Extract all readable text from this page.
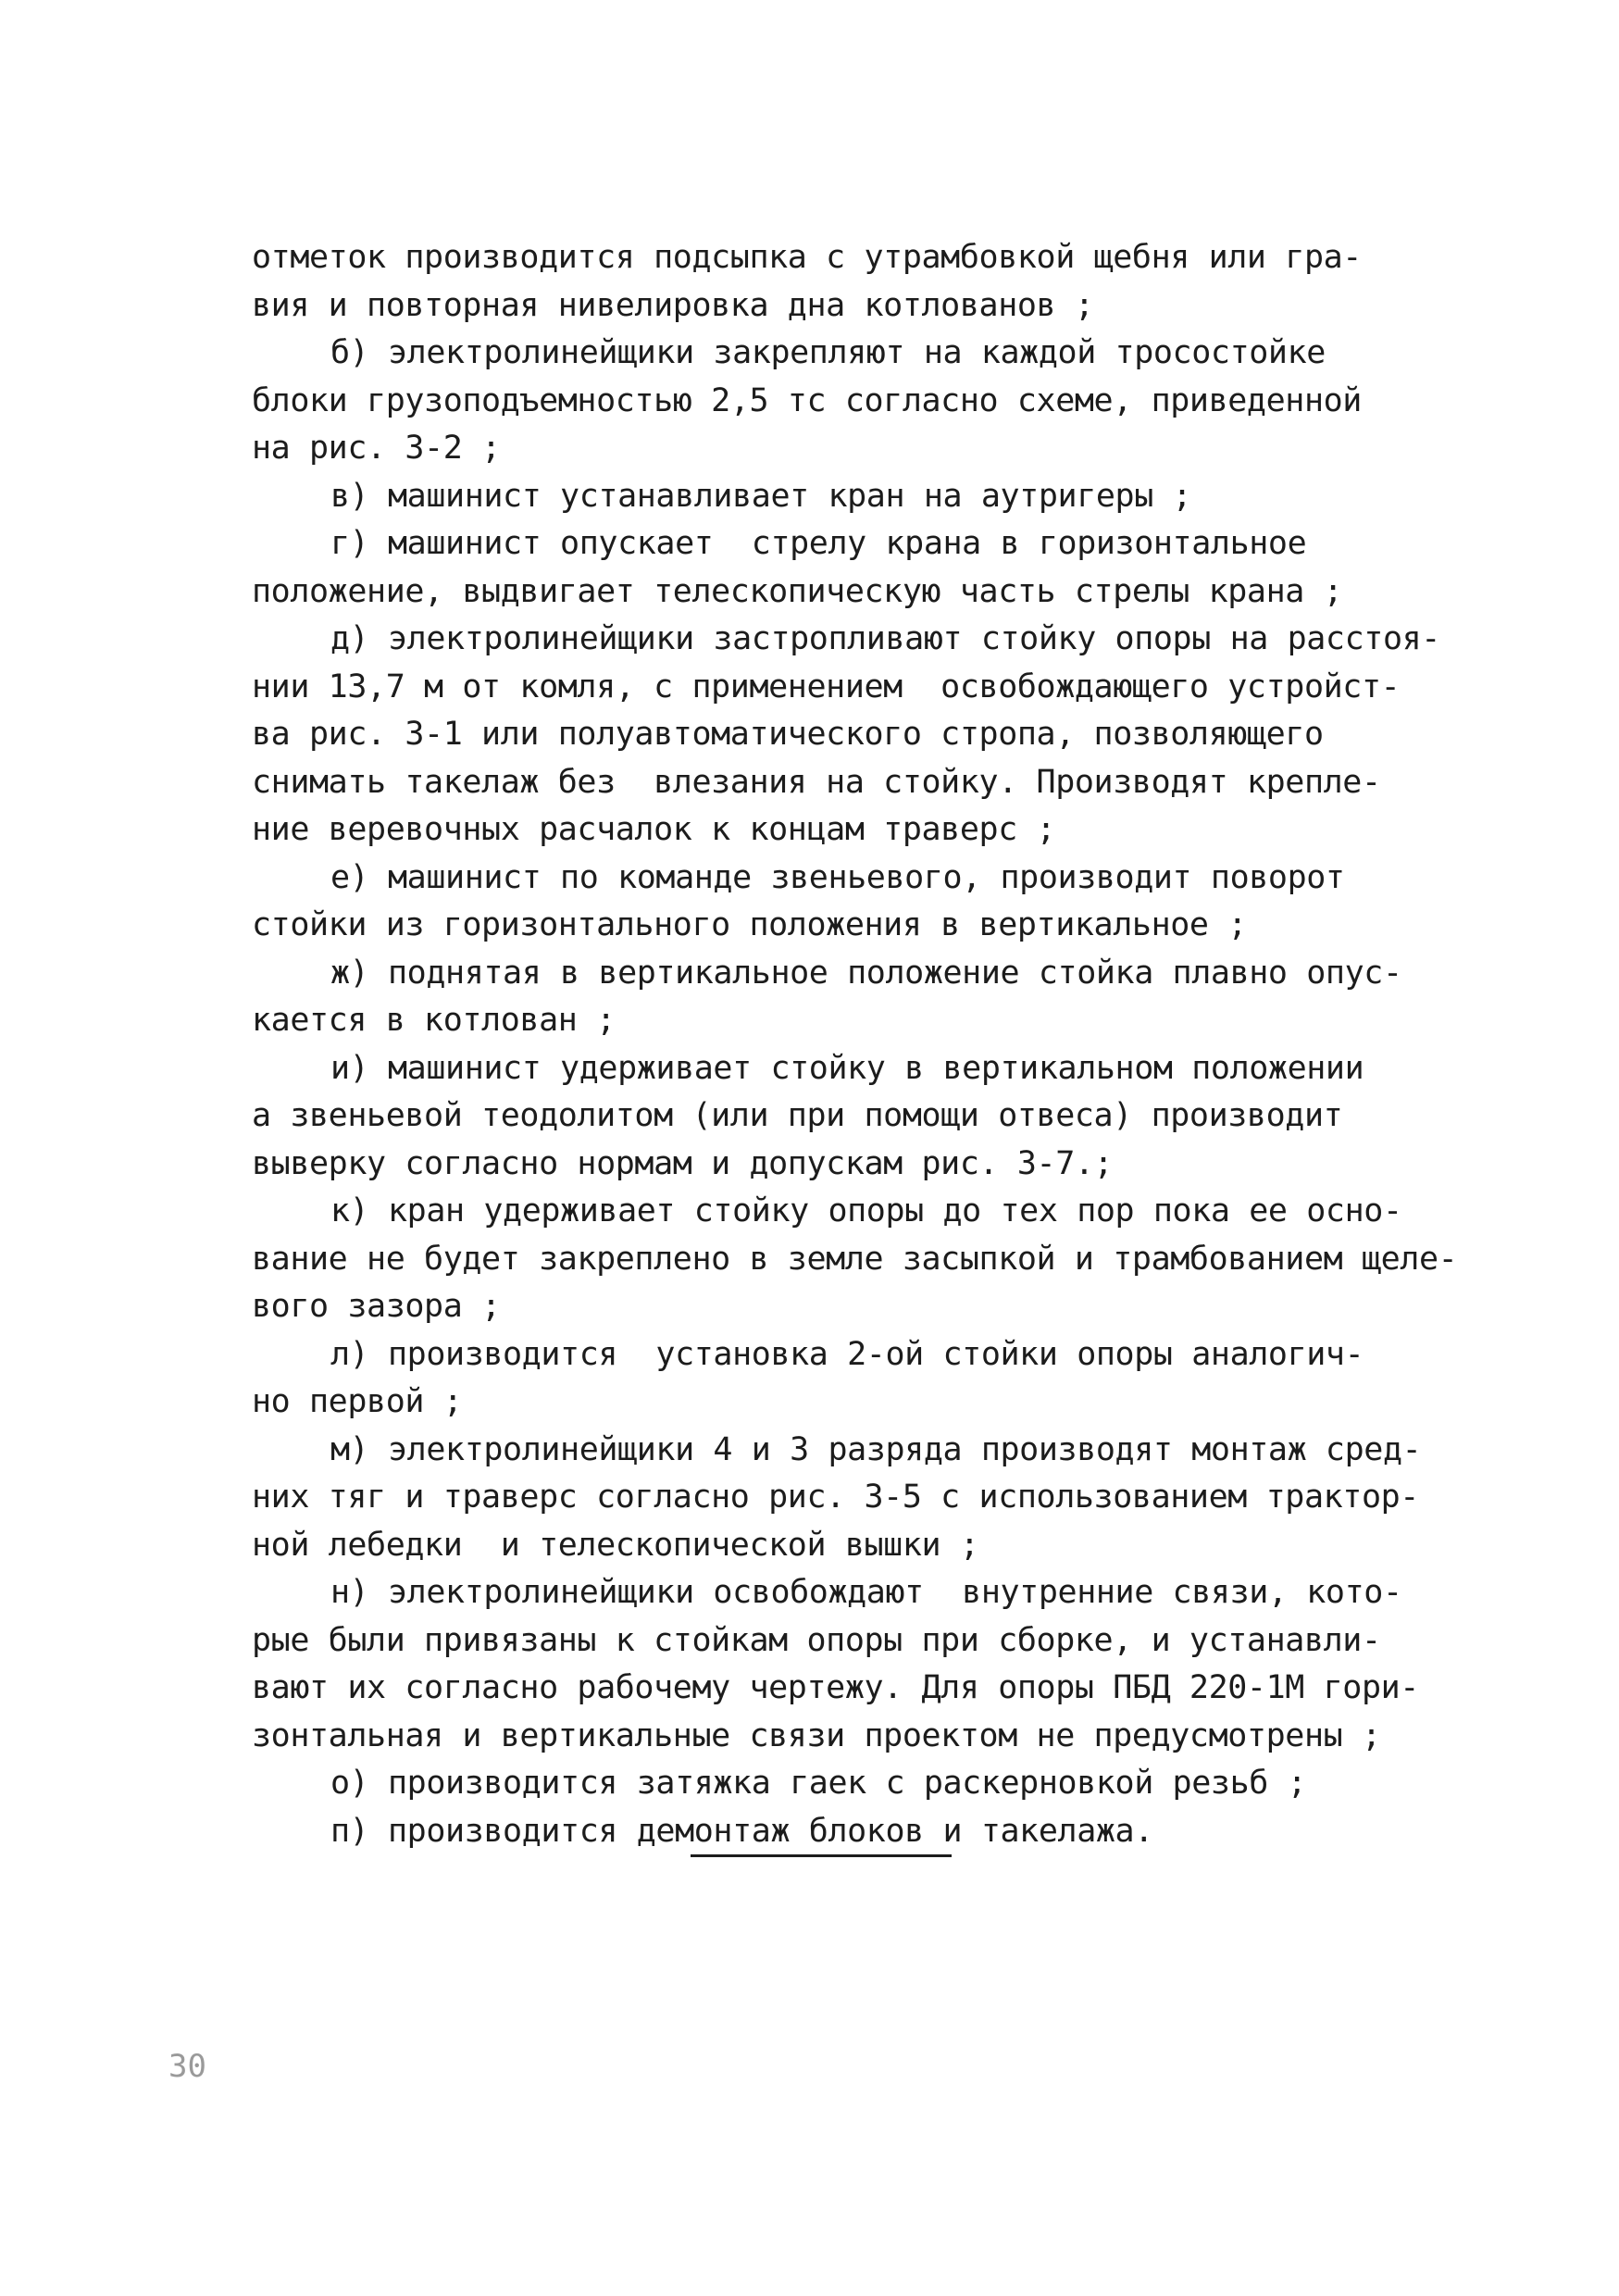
отметок производится подсыпка с утрамбовкой щебня или гра-
вия и повторная нивелировка дна котлованов ;
б) электролинейщики закрепляют на каждой тросостойке
блоки грузоподъемностью 2,5 тс согласно схеме, приведенной
на рис. 3-2 ;
в) машинист устанавливает кран на аутригеры ;
г) машинист опускает  стрелу крана в горизонтальное
положение, выдвигает телескопическую часть стрелы крана ;
д) электролинейщики застропливают стойку опоры на расстоя-
нии 13,7 м от комля, с применением  освобождающего устройст-
ва рис. 3-1 или полуавтоматического стропа, позволяющего
снимать такелаж без  влезания на стойку. Производят крепле-
ние веревочных расчалок к концам траверс ;
е) машинист по команде звеньевого, производит поворот
стойки из горизонтального положения в вертикальное ;
ж) поднятая в вертикальное положение стойка плавно опус-
кается в котлован ;
и) машинист удерживает стойку в вертикальном положении
а звеньевой теодолитом (или при помощи отвеса) производит
выверку согласно нормам и допускам рис. 3-7.;
к) кран удерживает стойку опоры до тех пор пока ее осно-
вание не будет закреплено в земле засыпкой и трамбованием щеле-
вого зазора ;
л) производится  установка 2-ой стойки опоры аналогич-
но первой ;
м) электролинейщики 4 и 3 разряда производят монтаж сред-
них тяг и траверс согласно рис. 3-5 с использованием трактор-
ной лебедки  и телескопической вышки ;
н) электролинейщики освобождают  внутренние связи, кото-
рые были привязаны к стойкам опоры при сборке, и устанавли-
вают их согласно рабочему чертежу. Для опоры ПБД 220-1М гори-
зонтальная и вертикальные связи проектом не предусмотрены ;
о) производится затяжка гаек с раскерновкой резьб ;
п) производится демонтаж блоков и такелажа.
30
